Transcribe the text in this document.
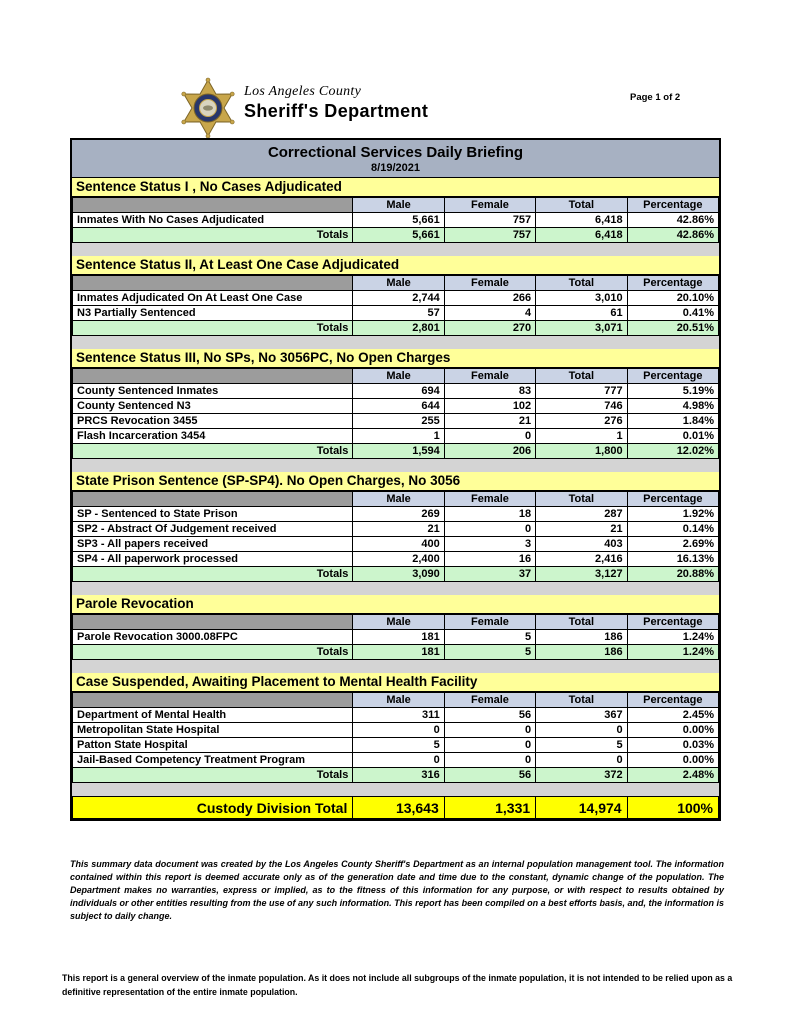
Los Angeles County
Sheriff's Department
Page 1 of 2
Correctional Services Daily Briefing
8/19/2021
Sentence Status I , No Cases Adjudicated
	Male	Female	Total	Percentage
Inmates With No Cases Adjudicated	5,661	757	6,418	42.86%
Totals	5,661	757	6,418	42.86%
Sentence Status II, At Least One Case Adjudicated
	Male	Female	Total	Percentage
Inmates Adjudicated On At Least One Case	2,744	266	3,010	20.10%
N3 Partially Sentenced	57	4	61	0.41%
Totals	2,801	270	3,071	20.51%
Sentence Status III, No SPs, No 3056PC, No Open Charges
	Male	Female	Total	Percentage
County Sentenced Inmates	694	83	777	5.19%
County Sentenced N3	644	102	746	4.98%
PRCS Revocation 3455	255	21	276	1.84%
Flash Incarceration 3454	1	0	1	0.01%
Totals	1,594	206	1,800	12.02%
State Prison Sentence (SP-SP4). No Open Charges, No 3056
	Male	Female	Total	Percentage
SP - Sentenced to State Prison	269	18	287	1.92%
SP2 - Abstract Of Judgement received	21	0	21	0.14%
SP3 - All papers received	400	3	403	2.69%
SP4 - All paperwork processed	2,400	16	2,416	16.13%
Totals	3,090	37	3,127	20.88%
Parole Revocation
	Male	Female	Total	Percentage
Parole Revocation 3000.08FPC	181	5	186	1.24%
Totals	181	5	186	1.24%
Case Suspended, Awaiting Placement to Mental Health Facility
	Male	Female	Total	Percentage
Department of Mental Health	311	56	367	2.45%
Metropolitan State Hospital	0	0	0	0.00%
Patton State Hospital	5	0	5	0.03%
Jail-Based Competency Treatment Program	0	0	0	0.00%
Totals	316	56	372	2.48%
Custody Division Total	13,643	1,331	14,974	100%

This summary data document was created by the Los Angeles County Sheriff's Department as an internal population management tool. The information contained within this report is deemed accurate only as of the generation date and time due to the constant, dynamic change of the population. The Department makes no warranties, express or implied, as to the fitness of this information for any purpose, or with respect to results obtained by individuals or other entities resulting from the use of any such information. This report has been compiled on a best efforts basis, and, the information is subject to daily change.

This report is a general overview of the inmate population. As it does not include all subgroups of the inmate population, it is not intended to be relied upon as a definitive representation of the entire inmate population.
